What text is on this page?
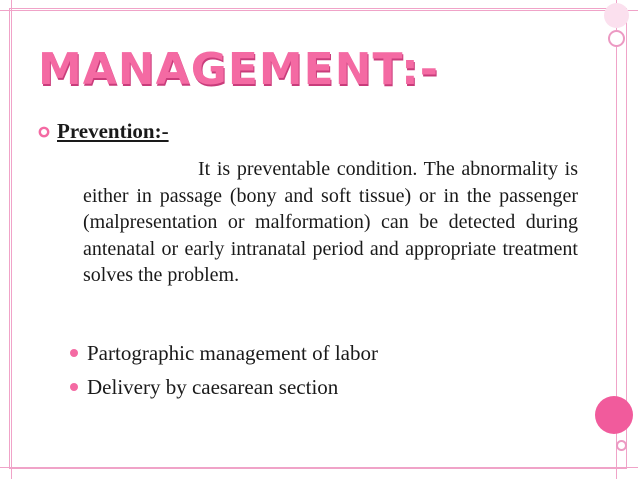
MANAGEMENT:-
Prevention:-

It is preventable condition. The abnormality is either in passage (bony and soft tissue) or in the passenger (malpresentation or malformation) can be detected during antenatal or early intranatal period and appropriate treatment solves the problem.

Partographic management of labor
Delivery by caesarean section
